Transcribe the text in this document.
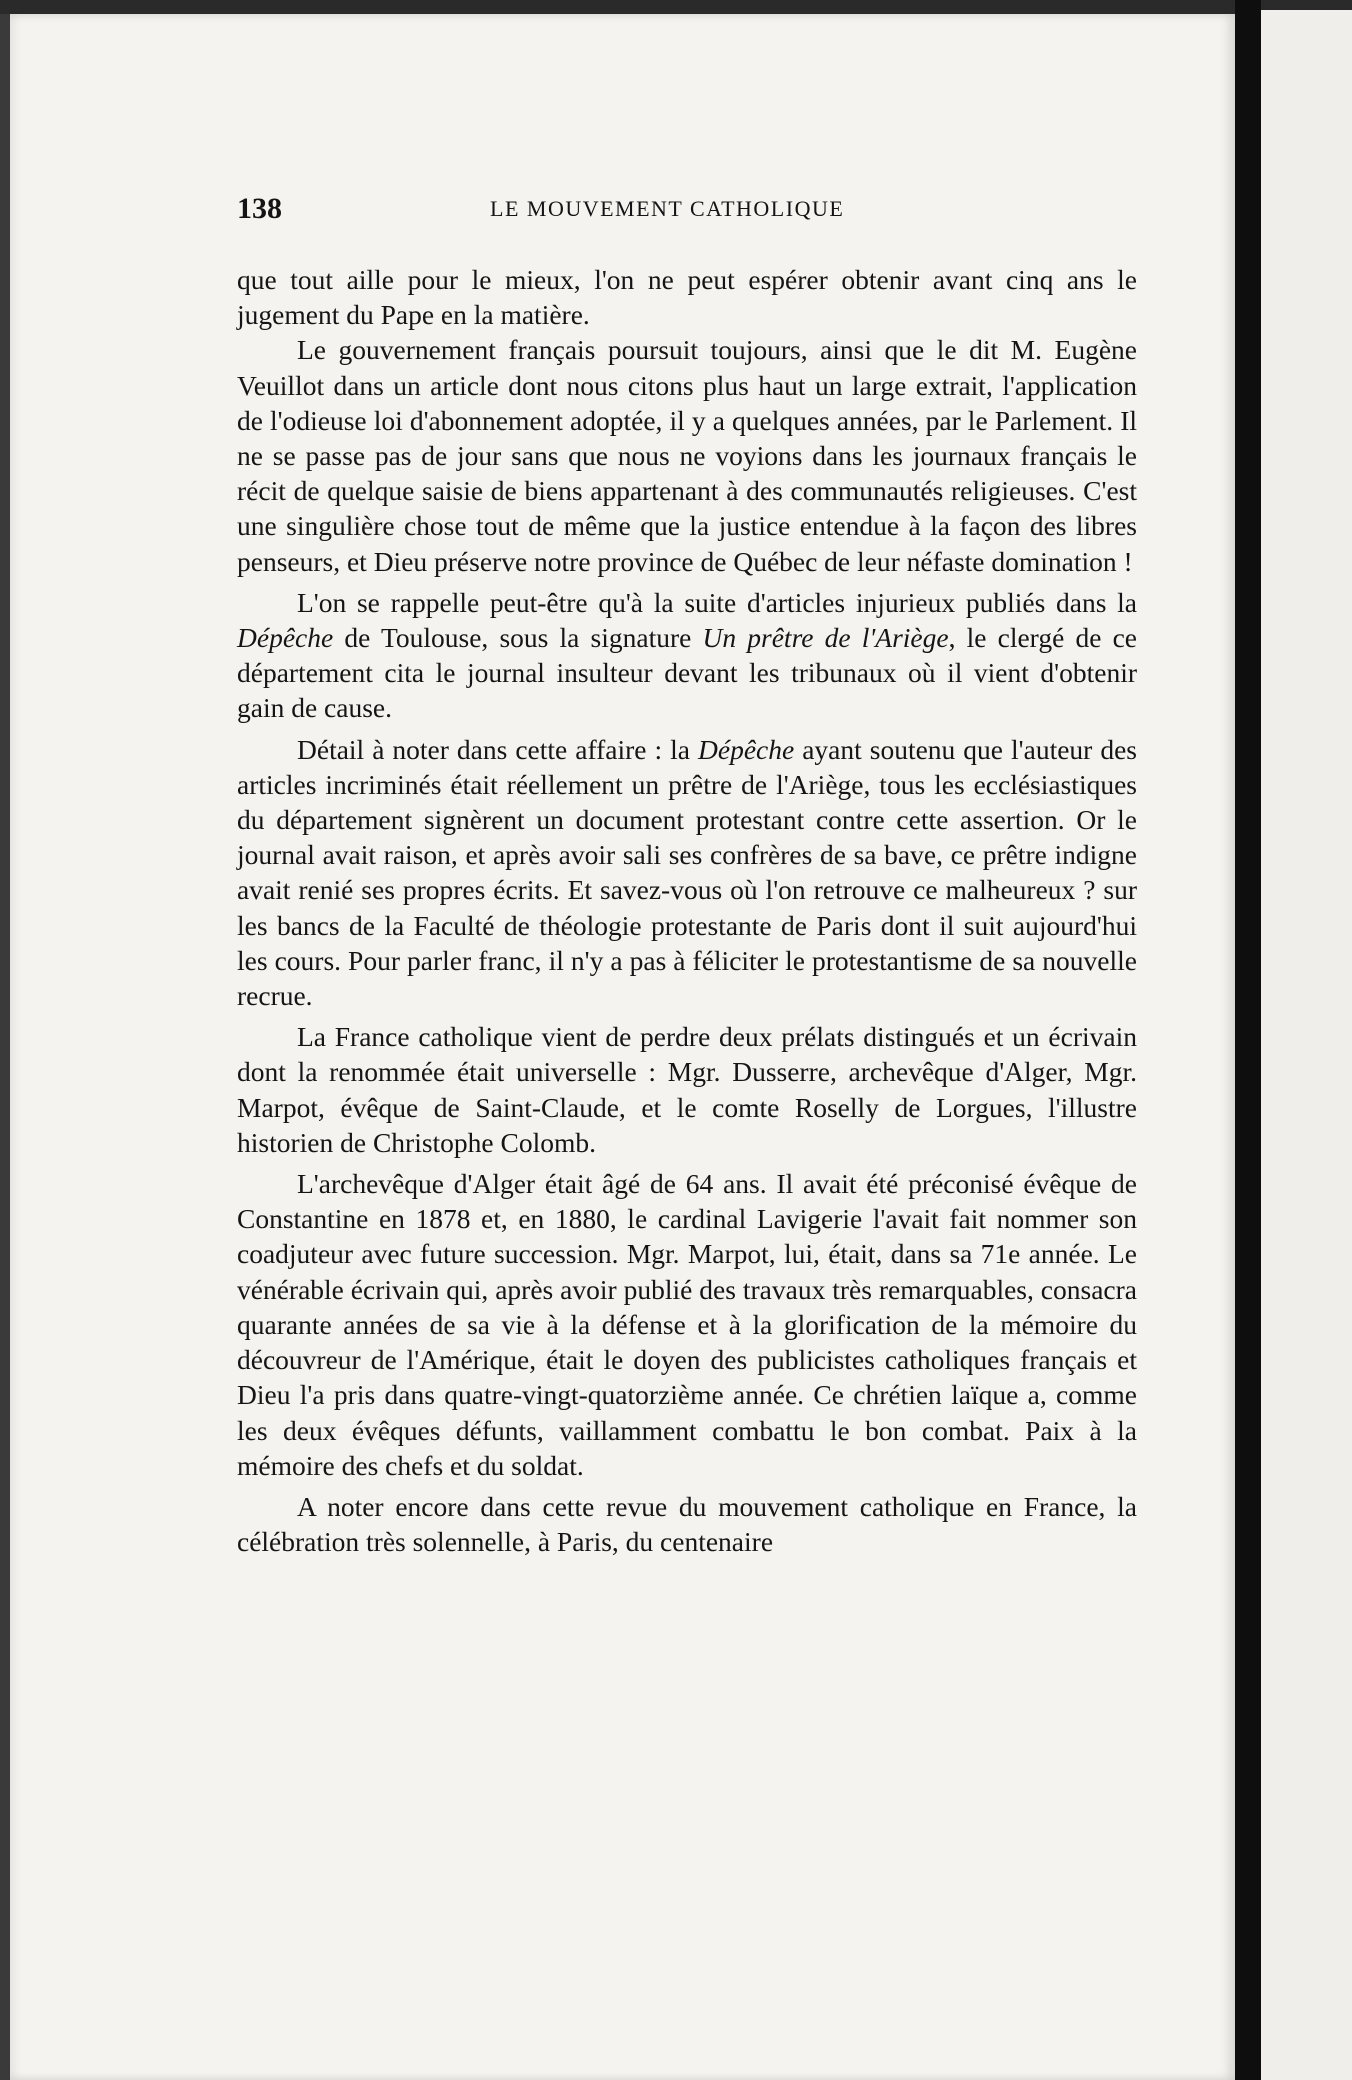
138	LE MOUVEMENT CATHOLIQUE

que tout aille pour le mieux, l'on ne peut espérer obtenir avant cinq ans le jugement du Pape en la matière.

Le gouvernement français poursuit toujours, ainsi que le dit M. Eugène Veuillot dans un article dont nous citons plus haut un large extrait, l'application de l'odieuse loi d'abonnement adoptée, il y a quelques années, par le Parlement. Il ne se passe pas de jour sans que nous ne voyions dans les journaux français le récit de quelque saisie de biens appartenant à des communautés religieuses. C'est une singulière chose tout de même que la justice entendue à la façon des libres penseurs, et Dieu préserve notre province de Québec de leur néfaste domination !

L'on se rappelle peut-être qu'à la suite d'articles injurieux publiés dans la Dépêche de Toulouse, sous la signature Un prêtre de l'Ariège, le clergé de ce département cita le journal insulteur devant les tribunaux où il vient d'obtenir gain de cause.

Détail à noter dans cette affaire : la Dépêche ayant soutenu que l'auteur des articles incriminés était réellement un prêtre de l'Ariège, tous les ecclésiastiques du département signèrent un document protestant contre cette assertion. Or le journal avait raison, et après avoir sali ses confrères de sa bave, ce prêtre indigne avait renié ses propres écrits. Et savez-vous où l'on retrouve ce malheureux ? sur les bancs de la Faculté de théologie protestante de Paris dont il suit aujourd'hui les cours. Pour parler franc, il n'y a pas à féliciter le protestantisme de sa nouvelle recrue.

La France catholique vient de perdre deux prélats distingués et un écrivain dont la renommée était universelle : Mgr. Dusserre, archevêque d'Alger, Mgr. Marpot, évêque de Saint-Claude, et le comte Roselly de Lorgues, l'illustre historien de Christophe Colomb.

L'archevêque d'Alger était âgé de 64 ans. Il avait été préconisé évêque de Constantine en 1878 et, en 1880, le cardinal Lavigerie l'avait fait nommer son coadjuteur avec future succession. Mgr. Marpot, lui, était, dans sa 71e année. Le vénérable écrivain qui, après avoir publié des travaux très remarquables, consacra quarante années de sa vie à la défense et à la glorification de la mémoire du découvreur de l'Amérique, était le doyen des publicistes catholiques français et Dieu l'a pris dans quatre-vingt-quatorzième année. Ce chrétien laïque a, comme les deux évêques défunts, vaillamment combattu le bon combat. Paix à la mémoire des chefs et du soldat.

A noter encore dans cette revue du mouvement catholique en France, la célébration très solennelle, à Paris, du centenaire
